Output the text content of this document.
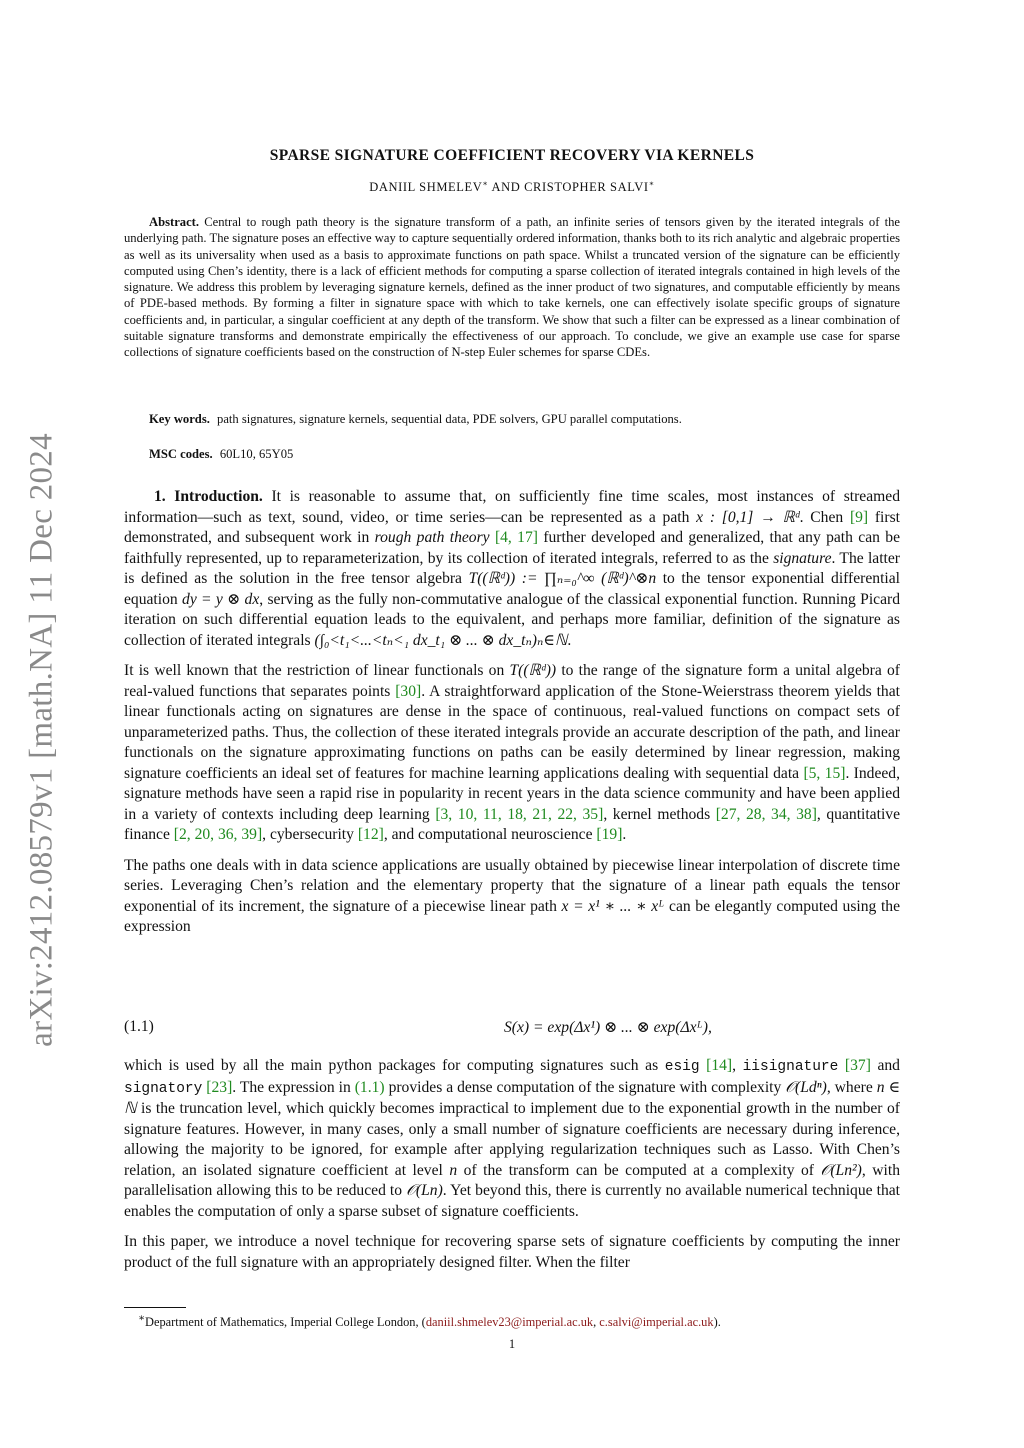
arXiv:2412.08579v1 [math.NA] 11 Dec 2024
SPARSE SIGNATURE COEFFICIENT RECOVERY VIA KERNELS
DANIIL SHMELEV∗ AND CRISTOPHER SALVI∗
Abstract. Central to rough path theory is the signature transform of a path, an infinite series of tensors given by the iterated integrals of the underlying path. The signature poses an effective way to capture sequentially ordered information, thanks both to its rich analytic and algebraic properties as well as its universality when used as a basis to approximate functions on path space. Whilst a truncated version of the signature can be efficiently computed using Chen’s identity, there is a lack of efficient methods for computing a sparse collection of iterated integrals contained in high levels of the signature. We address this problem by leveraging signature kernels, defined as the inner product of two signatures, and computable efficiently by means of PDE-based methods. By forming a filter in signature space with which to take kernels, one can effectively isolate specific groups of signature coefficients and, in particular, a singular coefficient at any depth of the transform. We show that such a filter can be expressed as a linear combination of suitable signature transforms and demonstrate empirically the effectiveness of our approach. To conclude, we give an example use case for sparse collections of signature coefficients based on the construction of N-step Euler schemes for sparse CDEs.
Key words. path signatures, signature kernels, sequential data, PDE solvers, GPU parallel computations.
MSC codes. 60L10, 65Y05

1. Introduction. It is reasonable to assume that, on sufficiently fine time scales, most instances of streamed information—such as text, sound, video, or time series—can be represented as a path x : [0,1] → ℝᵈ. Chen [9] first demonstrated, and subsequent work in rough path theory [4, 17] further developed and generalized, that any path can be faithfully represented, up to reparameterization, by its collection of iterated integrals, referred to as the signature. The latter is defined as the solution in the free tensor algebra T((ℝᵈ)) := ∏ₙ₌₀^∞ (ℝᵈ)^⊗n to the tensor exponential differential equation dy = y ⊗ dx, serving as the fully non-commutative analogue of the classical exponential function. Running Picard iteration on such differential equation leads to the equivalent, and perhaps more familiar, definition of the signature as collection of iterated integrals (∫₀<t₁<...<tₙ<₁ dx_t₁ ⊗ ... ⊗ dx_tₙ)ₙ∈ℕ.

It is well known that the restriction of linear functionals on T((ℝᵈ)) to the range of the signature form a unital algebra of real-valued functions that separates points [30]. A straightforward application of the Stone-Weierstrass theorem yields that linear functionals acting on signatures are dense in the space of continuous, real-valued functions on compact sets of unparameterized paths. Thus, the collection of these iterated integrals provide an accurate description of the path, and linear functionals on the signature approximating functions on paths can be easily determined by linear regression, making signature coefficients an ideal set of features for machine learning applications dealing with sequential data [5, 15]. Indeed, signature methods have seen a rapid rise in popularity in recent years in the data science community and have been applied in a variety of contexts including deep learning [3, 10, 11, 18, 21, 22, 35], kernel methods [27, 28, 34, 38], quantitative finance [2, 20, 36, 39], cybersecurity [12], and computational neuroscience [19].

The paths one deals with in data science applications are usually obtained by piecewise linear interpolation of discrete time series. Leveraging Chen’s relation and the elementary property that the signature of a linear path equals the tensor exponential of its increment, the signature of a piecewise linear path x = x¹ ∗ ... ∗ xᴸ can be elegantly computed using the expression

(1.1)	S(x) = exp(Δx¹) ⊗ ... ⊗ exp(Δxᴸ),

which is used by all the main python packages for computing signatures such as esig [14], iisignature [37] and signatory [23]. The expression in (1.1) provides a dense computation of the signature with complexity 𝒪(Ldⁿ), where n ∈ ℕ is the truncation level, which quickly becomes impractical to implement due to the exponential growth in the number of signature features. However, in many cases, only a small number of signature coefficients are necessary during inference, allowing the majority to be ignored, for example after applying regularization techniques such as Lasso. With Chen’s relation, an isolated signature coefficient at level n of the transform can be computed at a complexity of 𝒪(Ln²), with parallelisation allowing this to be reduced to 𝒪(Ln). Yet beyond this, there is currently no available numerical technique that enables the computation of only a sparse subset of signature coefficients.

In this paper, we introduce a novel technique for recovering sparse sets of signature coefficients by computing the inner product of the full signature with an appropriately designed filter. When the filter

∗Department of Mathematics, Imperial College London, (daniil.shmelev23@imperial.ac.uk, c.salvi@imperial.ac.uk).
1
